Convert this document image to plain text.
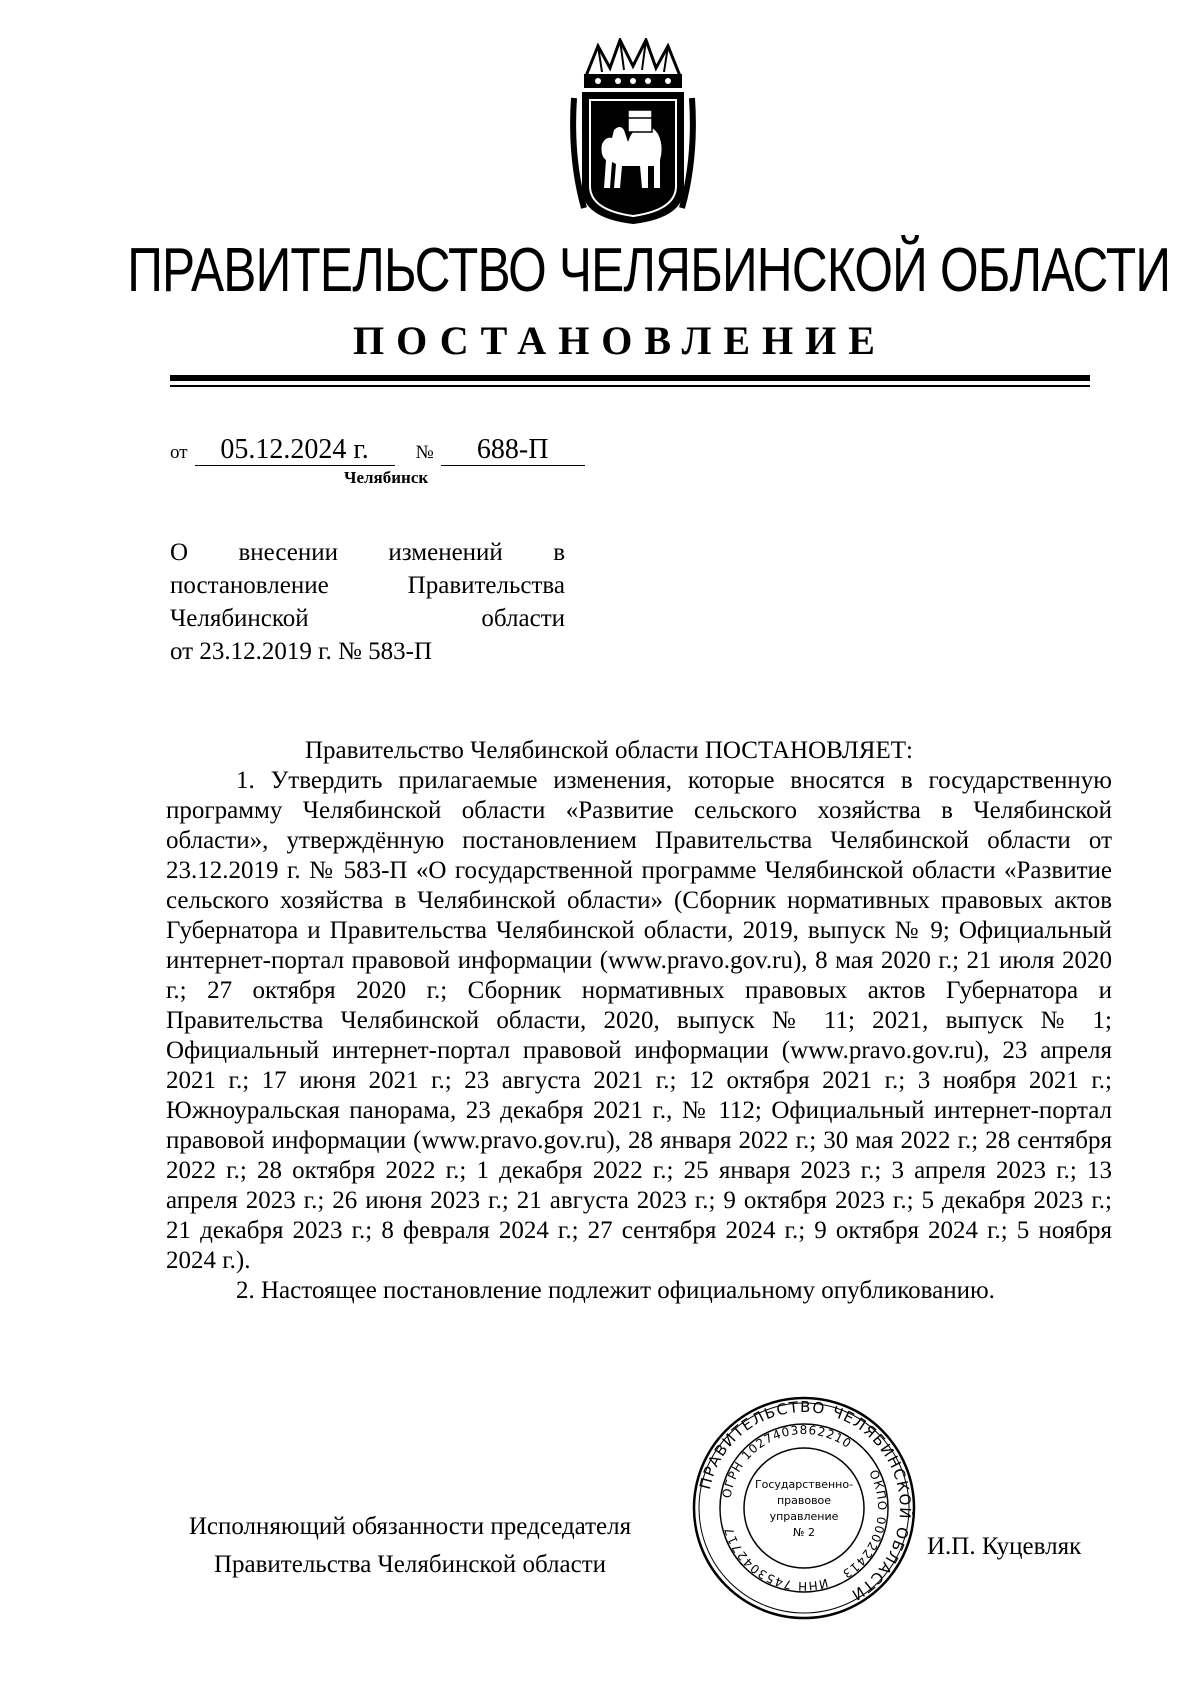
ПРАВИТЕЛЬСТВО ЧЕЛЯБИНСКОЙ ОБЛАСТИ
ПОСТАНОВЛЕНИЕ
от 05.12.2024 г. № 688-П
Челябинск
О внесении изменений в
постановление Правительства
Челябинской области
от 23.12.2019 г. № 583-П
Правительство Челябинской области ПОСТАНОВЛЯЕТ:

1. Утвердить прилагаемые изменения, которые вносятся в государственную программу Челябинской области «Развитие сельского хозяйства в Челябинской области», утверждённую постановлением Правительства Челябинской области от 23.12.2019 г. № 583-П «О государственной программе Челябинской области «Развитие сельского хозяйства в Челябинской области» (Сборник нормативных правовых актов Губернатора и Правительства Челябинской области, 2019, выпуск № 9; Официальный интернет-портал правовой информации (www.pravo.gov.ru), 8 мая 2020 г.; 21 июля 2020 г.; 27 октября 2020 г.; Сборник нормативных правовых актов Губернатора и Правительства Челябинской области, 2020, выпуск № 11; 2021, выпуск № 1; Официальный интернет-портал правовой информации (www.pravo.gov.ru), 23 апреля 2021 г.; 17 июня 2021 г.; 23 августа 2021 г.; 12 октября 2021 г.; 3 ноября 2021 г.; Южноуральская панорама, 23 декабря 2021 г., № 112; Официальный интернет-портал правовой информации (www.pravo.gov.ru), 28 января 2022 г.; 30 мая 2022 г.; 28 сентября 2022 г.; 28 октября 2022 г.; 1 декабря 2022 г.; 25 января 2023 г.; 3 апреля 2023 г.; 13 апреля 2023 г.; 26 июня 2023 г.; 21 августа 2023 г.; 9 октября 2023 г.; 5 декабря 2023 г.; 21 декабря 2023 г.; 8 февраля 2024 г.; 27 сентября 2024 г.; 9 октября 2024 г.; 5 ноября 2024 г.).

2. Настоящее постановление подлежит официальному опубликованию.

Исполняющий обязанности председателя
Правительства Челябинской области
И.П. Куцевляк
ПРАВИТЕЛЬСТВО ЧЕЛЯБИНСКОЙ ОБЛАСТИ
ОГРН 1027403862210
ОКПО 00022413
ИНН 7453042717
Государственно-
правовое
управление
№ 2
